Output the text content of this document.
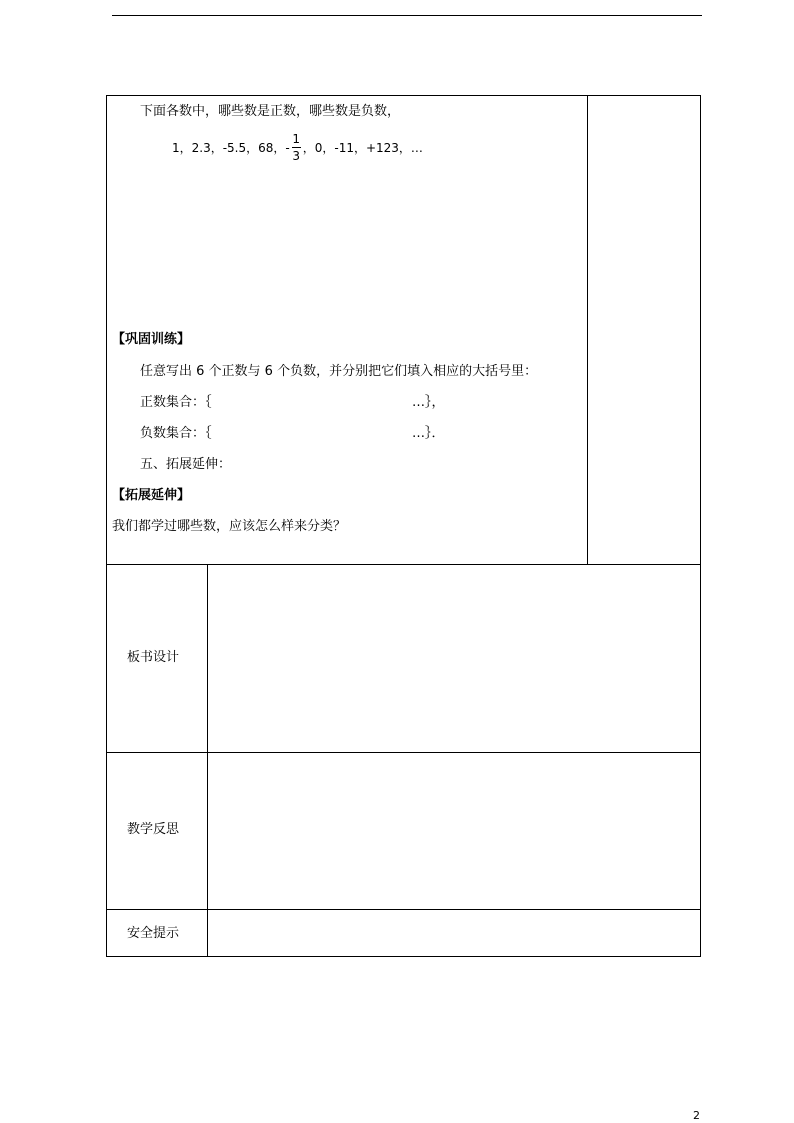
下面各数中，哪些数是正数，哪些数是负数，
1，2.3，-5.5，68，- $\frac{1}{3}$ ，0，-11，+123，…
【巩固训练】
任意写出 6 个正数与 6 个负数，并分别把它们填入相应的大括号里：
正数集合：｛	…｝，
负数集合：｛	…｝．
五、拓展延伸：
【拓展延伸】
我们都学过哪些数，应该怎么样来分类？
板书设计
教学反思
安全提示
2
